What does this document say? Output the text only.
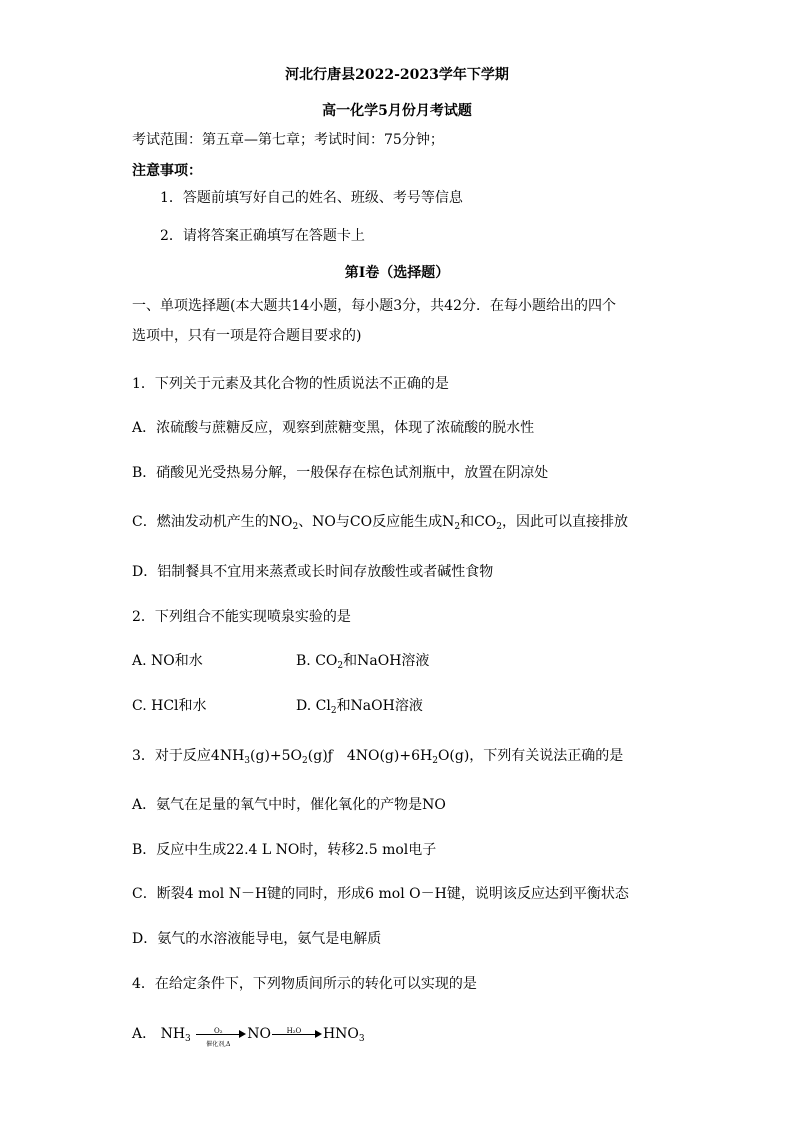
河北行唐县2022-2023学年下学期
高一化学5月份月考试题
考试范围：第五章—第七章；考试时间：75分钟；
注意事项：
1．答题前填写好自己的姓名、班级、考号等信息
2．请将答案正确填写在答题卡上
第I卷（选择题）
一、单项选择题(本大题共14小题，每小题3分，共42分．在每小题给出的四个
选项中，只有一项是符合题目要求的)
1．下列关于元素及其化合物的性质说法不正确的是
A．浓硫酸与蔗糖反应，观察到蔗糖变黑，体现了浓硫酸的脱水性
B．硝酸见光受热易分解，一般保存在棕色试剂瓶中，放置在阴凉处
C．燃油发动机产生的$NO_2$、NO与CO反应能生成$N_2$和$CO_2$，因此可以直接排放
D．铝制餐具不宜用来蒸煮或长时间存放酸性或者碱性食物
2．下列组合不能实现喷泉实验的是
A. NO和水	B. $CO_2$和NaOH溶液
C. HCl和水	D. $Cl_2$和NaOH溶液
3．对于反应$4NH_3(g)+5O_2(g)ƒ$　$4NO(g)+6H_2O(g)$，下列有关说法正确的是
A．氨气在足量的氧气中时，催化氧化的产物是NO
B．反应中生成22.4 L NO时，转移2.5 mol电子
C．断裂4 mol N－H键的同时，形成6 mol O－H键，说明该反应达到平衡状态
D．氨气的水溶液能导电，氨气是电解质
4．在给定条件下，下列物质间所示的转化可以实现的是
A． $NH_3$
O₂
催化剂,Δ
NO	H₂O	$HNO_3$
